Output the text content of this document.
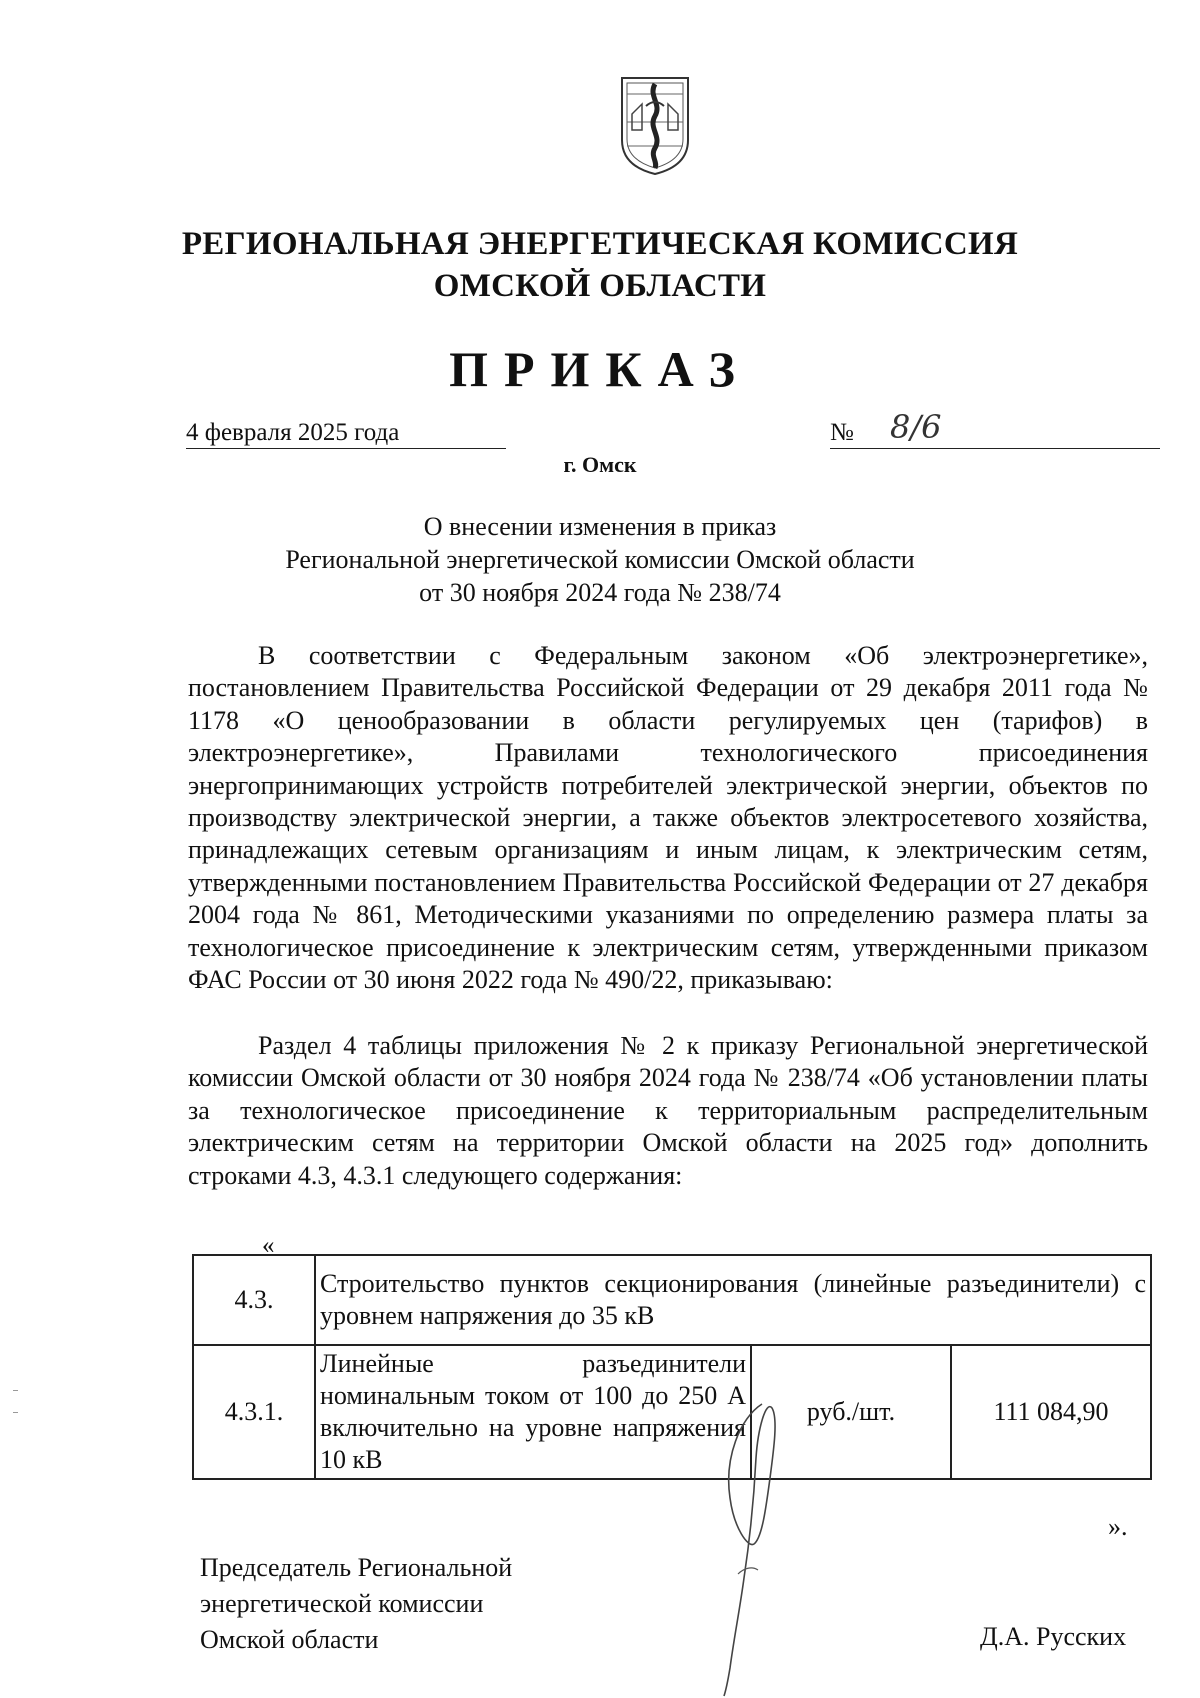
РЕГИОНАЛЬНАЯ ЭНЕРГЕТИЧЕСКАЯ КОМИССИЯ
ОМСКОЙ ОБЛАСТИ
ПРИКАЗ
4 февраля 2025 года	№ 8/6
г. Омск
О внесении изменения в приказ
Региональной энергетической комиссии Омской области
от 30 ноября 2024 года № 238/74
В соответствии с Федеральным законом «Об электроэнергетике», постановлением Правительства Российской Федерации от 29 декабря 2011 года № 1178 «О ценообразовании в области регулируемых цен (тарифов) в электроэнергетике», Правилами технологического присоединения энергопринимающих устройств потребителей электрической энергии, объектов по производству электрической энергии, а также объектов электросетевого хозяйства, принадлежащих сетевым организациям и иным лицам, к электрическим сетям, утвержденными постановлением Правительства Российской Федерации от 27 декабря 2004 года № 861, Методическими указаниями по определению размера платы за технологическое присоединение к электрическим сетям, утвержденными приказом ФАС России от 30 июня 2022 года № 490/22, приказываю:
Раздел 4 таблицы приложения № 2 к приказу Региональной энергетической комиссии Омской области от 30 ноября 2024 года № 238/74 «Об установлении платы за технологическое присоединение к территориальным распределительным электрическим сетям на территории Омской области на 2025 год» дополнить строками 4.3, 4.3.1 следующего содержания:
«
4.3.	Строительство пунктов секционирования (линейные разъединители) с уровнем напряжения до 35 кВ		
4.3.1.	Линейные разъединители номинальным током от 100 до 250 А включительно на уровне напряжения 10 кВ	руб./шт.	111 084,90
».
Председатель Региональной
энергетической комиссии
Омской области	Д.А. Русских
